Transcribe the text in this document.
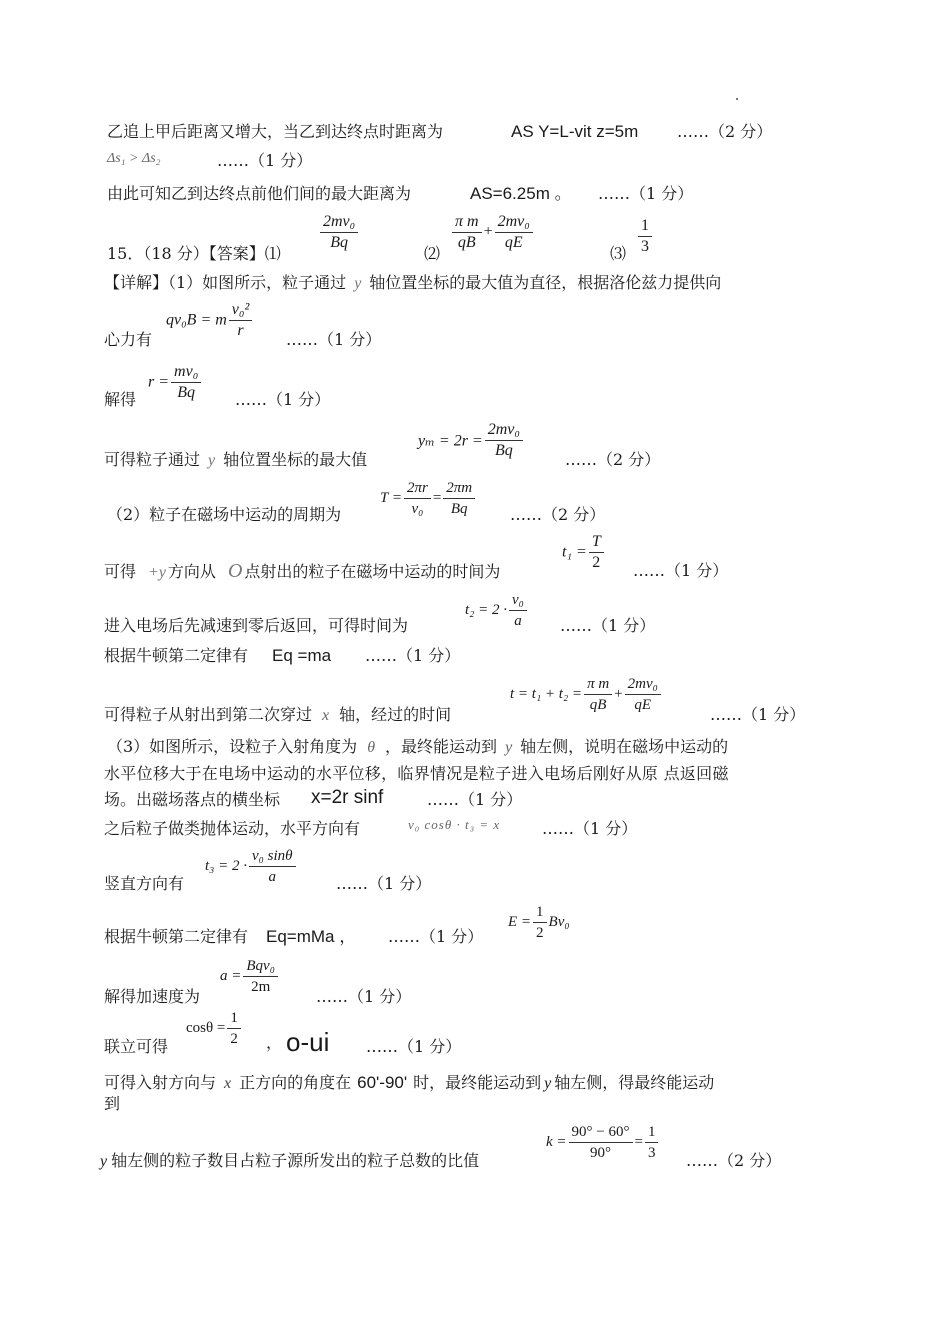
乙追上甲后距离又增大，当乙到达终点时距离为	AS Y=L-vit z=5m ……（2 分）
Δs₁ > Δs₂	……（1 分）
由此可知乙到达终点前他们间的最大距离为	AS=6.25m 。 ……（1 分）
15．（18 分）【答案】⑴
$\frac{\text{2mv₀}}{Bq}$
⑵
$\frac{\text{π m}}{qB} + \frac{\text{2mv₀}}{qE}$
⑶ $\frac{1}{3}$
【详解】（1）如图所示，粒子通过 y 轴位置坐标的最大值为直径，根据洛伦兹力提供向
心力有
qv₀B = m $\frac{\text{v₀²}}{r}$ ……（1 分）
解得
$r = \frac{\text{mv₀}}{Bq}$ ……（1 分）
可得粒子通过 y 轴位置坐标的最大值
$y_m = 2r = \frac{\text{2mv₀}}{Bq}$	……（2 分）
（2）粒子在磁场中运动的周期为
$T = \frac{2\pi r}{\text{v₀}} = \frac{2\pi m}{Bq}$ ……（2 分）
可得 +y 方向从 O 点射出的粒子在磁场中运动的时间为
$t_1 = \frac{T}{2}$ ……（1 分）
进入电场后先减速到零后返回，可得时间为
$t_2 = 2 \cdot \frac{\text{v₀}}{a}$ ……（1 分）
根据牛顿第二定律有 Eq =ma ……（1 分）
可得粒子从射出到第二次穿过 x 轴，经过的时间
$t = t_1 + t_2 = \frac{\text{π m}}{qB} + \frac{\text{2mv₀}}{qE}$	……（1 分）
（3）如图所示，设粒子入射角度为 θ ，最终能运动到 y 轴左侧，说明在磁场中运动的
水平位移大于在电场中运动的水平位移，临界情况是粒子进入电场后刚好从原 点返回磁
场。出磁场落点的横坐标 x=2r sinf	……（1 分）
之后粒子做类抛体运动，水平方向有	v₀ cosθ · t₃ = x	……（1 分）
竖直方向有
$t_3 = 2 \cdot \frac{\text{v₀ sinθ}}{a}$	……（1 分）
根据牛顿第二定律有 Eq=mMa ， ……（1 分）
$E = \frac{1}{2} Bv_0$
解得加速度为
$a = \frac{\text{Bqv₀}}{2m}$ ……（1 分）
联立可得
$\cos\theta = \frac{1}{2}$ ， o-ui ……（1 分）
可得入射方向与 x 正方向的角度在 60'-90' 时，最终能运动到 y 轴左侧，得最终能运动
到
y 轴左侧的粒子数目占粒子源所发出的粒子总数的比值
$k = \frac{90^\circ - 60^\circ}{90^\circ} = \frac{1}{3}$ ……（2 分）
